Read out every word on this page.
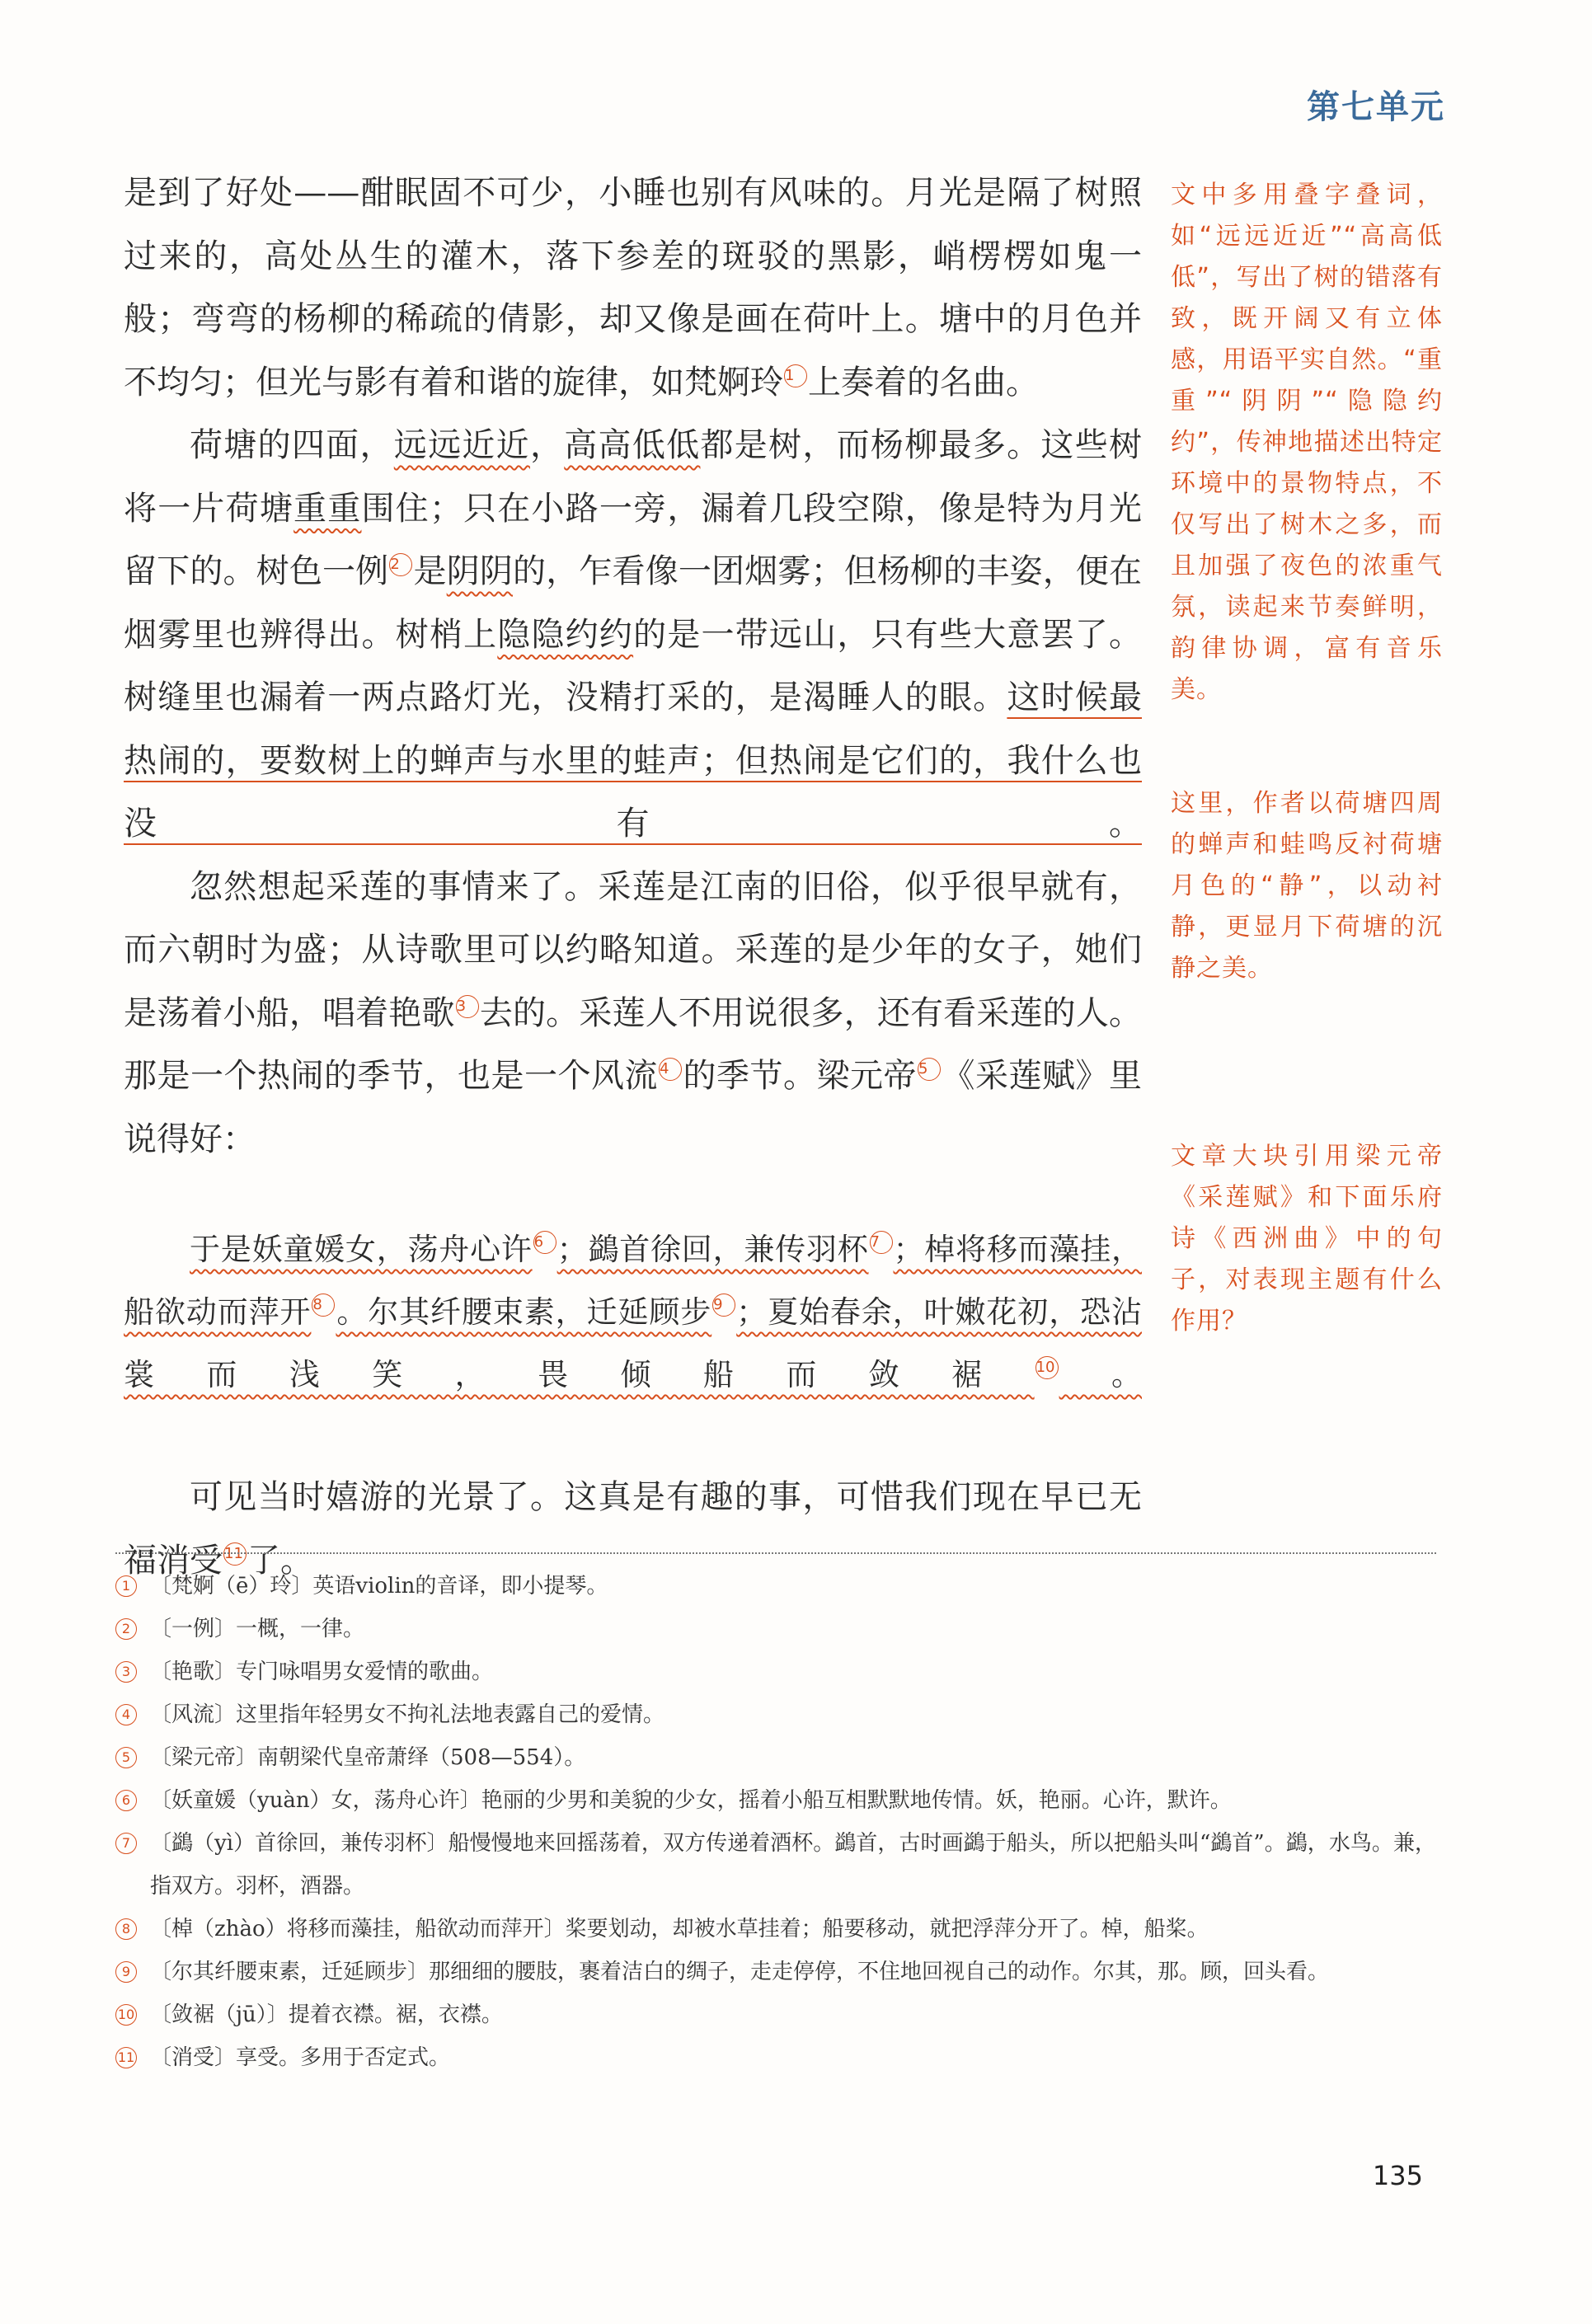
第七单元

是到了好处——酣眠固不可少，小睡也别有风味的。月光是隔了树照过来的，高处丛生的灌木，落下参差的斑驳的黑影，峭楞楞如鬼一般；弯弯的杨柳的稀疏的倩影，却又像是画在荷叶上。塘中的月色并不均匀；但光与影有着和谐的旋律，如梵婀玲 1 上奏着的名曲。

荷塘的四面，远远近近，高高低低都是树，而杨柳最多。这些树将一片荷塘重重围住；只在小路一旁，漏着几段空隙，像是特为月光留下的。树色一例 2 是阴阴的，乍看像一团烟雾；但杨柳的丰姿，便在烟雾里也辨得出。树梢上隐隐约约的是一带远山，只有些大意罢了。树缝里也漏着一两点路灯光，没精打采的，是渴睡人的眼。这时候最热闹的，要数树上的蝉声与水里的蛙声；但热闹是它们的，我什么也没有。

忽然想起采莲的事情来了。采莲是江南的旧俗，似乎很早就有，而六朝时为盛；从诗歌里可以约略知道。采莲的是少年的女子，她们是荡着小船，唱着艳歌 3 去的。采莲人不用说很多，还有看采莲的人。那是一个热闹的季节，也是一个风流 4 的季节。梁元帝 5 《采莲赋》里说得好：

于是妖童媛女，荡舟心许 6 ；鷁首徐回，兼传羽杯 7 ；棹将移而藻挂，船欲动而萍开 8 。尔其纤腰束素，迁延顾步 9 ；夏始春余，叶嫩花初，恐沾裳而浅笑，畏倾船而敛裾 10 。

可见当时嬉游的光景了。这真是有趣的事，可惜我们现在早已无福消受 11 了。

文中多用叠字叠词，如“远远近近”“高高低低”，写出了树的错落有致，既开阔又有立体感，用语平实自然。“重重”“阴阴”“隐隐约约”，传神地描述出特定环境中的景物特点，不仅写出了树木之多，而且加强了夜色的浓重气氛，读起来节奏鲜明，韵律协调，富有音乐美。
这里，作者以荷塘四周的蝉声和蛙鸣反衬荷塘月色的“静”，以动衬静，更显月下荷塘的沉静之美。
文章大块引用梁元帝《采莲赋》和下面乐府诗《西洲曲》中的句子，对表现主题有什么作用？
1 〔梵婀（ē）玲〕英语violin的音译，即小提琴。
2 〔一例〕一概，一律。
3 〔艳歌〕专门咏唱男女爱情的歌曲。
4 〔风流〕这里指年轻男女不拘礼法地表露自己的爱情。
5 〔梁元帝〕南朝梁代皇帝萧绎（508—554）。
6 〔妖童媛（yuàn）女，荡舟心许〕艳丽的少男和美貌的少女，摇着小船互相默默地传情。妖，艳丽。心许，默许。
7 〔鷁（yì）首徐回，兼传羽杯〕船慢慢地来回摇荡着，双方传递着酒杯。鷁首，古时画鷁于船头，所以把船头叫“鷁首”。鷁，水鸟。兼，指双方。羽杯，酒器。
8 〔棹（zhào）将移而藻挂，船欲动而萍开〕桨要划动，却被水草挂着；船要移动，就把浮萍分开了。棹，船桨。
9 〔尔其纤腰束素，迁延顾步〕那细细的腰肢，裹着洁白的绸子，走走停停，不住地回视自己的动作。尔其，那。顾，回头看。
10 〔敛裾（jū）〕提着衣襟。裾，衣襟。
11 〔消受〕享受。多用于否定式。
135
